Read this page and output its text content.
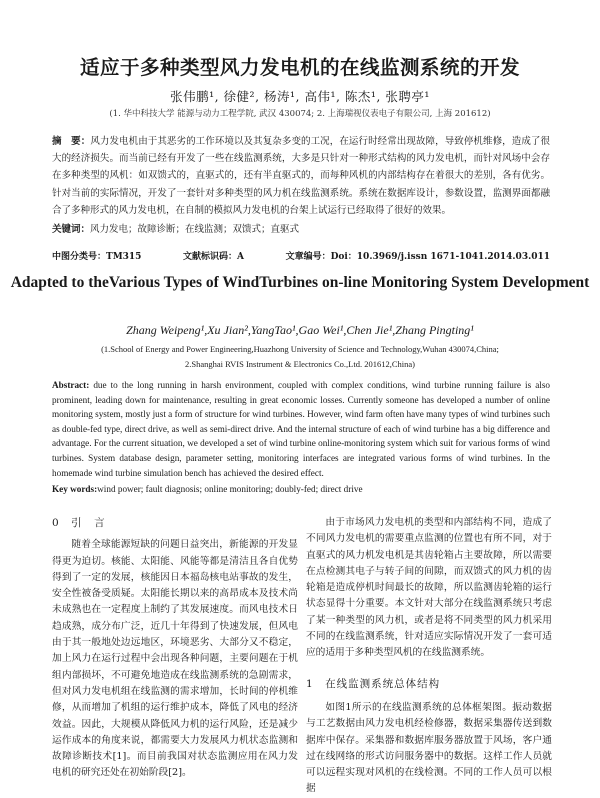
适应于多种类型风力发电机的在线监测系统的开发
张伟鹏¹, 徐健², 杨涛¹, 高伟¹, 陈杰¹, 张聘亭¹
(1. 华中科技大学 能源与动力工程学院, 武汉 430074; 2. 上海瑞视仪表电子有限公司, 上海 201612)
摘　要：风力发电机由于其恶劣的工作环境以及其复杂多变的工况，在运行时经常出现故障，导致停机维修，造成了很大的经济损失。而当前已经有开发了一些在线监测系统，大多是只针对一种形式结构的风力发电机，而针对风场中会存在多种类型的风机：如双馈式的，直驱式的，还有半直驱式的，而每种风机的内部结构存在着很大的差别，各有优劣。针对当前的实际情况，开发了一套针对多种类型的风力机在线监测系统。系统在数据库设计，参数设置，监测界面都融合了多种形式的风力发电机，在自制的模拟风力发电机的台架上试运行已经取得了很好的效果。
关键词：风力发电；故障诊断；在线监测；双馈式；直驱式
中图分类号：TM315	文献标识码：A	文章编号：Doi：10.3969/j.issn 1671-1041.2014.03.011
Adapted to theVarious Types of WindTurbines on-line Monitoring System Development
Zhang Weipeng¹,Xu Jian²,YangTao¹,Gao Wei¹,Chen Jie¹,Zhang Pingting¹
(1.School of Energy and Power Engineering,Huazhong University of Science and Technology,Wuhan 430074,China;
2.Shanghai RVIS Instrument & Electronics Co.,Ltd. 201612,China)
Abstract: due to the long running in harsh environment, coupled with complex conditions, wind turbine running failure is also prominent, leading down for maintenance, resulting in great economic losses. Currently someone has developed a number of online monitoring system, mostly just a form of structure for wind turbines. However, wind farm often have many types of wind turbines such as double-fed type, direct drive, as well as semi-direct drive. And the internal structure of each of wind turbine has a big difference and advantage. For the current situation, we developed a set of wind turbine online-monitoring system which suit for various forms of wind turbines. System database design, parameter setting, monitoring interfaces are integrated various forms of wind turbines. In the homemade wind turbine simulation bench has achieved the desired effect.
Key words:wind power; fault diagnosis; online monitoring; doubly-fed; direct drive
0　引　言

随着全球能源短缺的问题日益突出，新能源的开发显得更为迫切。核能、太阳能、风能等都是清洁且各自优势得到了一定的发展，核能因日本福岛核电站事故的发生，安全性被备受质疑。太阳能长期以来的高昂成本及技术尚未成熟也在一定程度上制约了其发展速度。而风电技术日趋成熟，成分布广泛，近几十年得到了快速发展，但风电由于其一般地处边远地区，环境恶劣、大部分又不稳定，加上风力在运行过程中会出现各种问题，主要问题在于机组内部损坏，不可避免地造成在线监测系统的急剧需求，但对风力发电机组在线监测的需求增加，长时间的停机维修，从而增加了机组的运行维护成本，降低了风电的经济效益。因此，大规模从降低风力机的运行风险，还是减少运作成本的角度来说，都需要大力发展风力机状态监测和故障诊断技术[1]。而目前我国对状态监测应用在风力发电机的研究还处在初始阶段[2]。

由于市场风力发电机的类型和内部结构不同，造成了不同风力发电机的需要重点监测的位置也有所不同，对于直驱式的风力机发电机是其齿轮箱占主要故障，所以需要在点检测其电子与转子间的间隙，而双馈式的风力机的齿轮箱是造成停机时间最长的故障，所以监测齿轮箱的运行状态显得十分重要。本文针对大部分在线监测系统只考虑了某一种类型的风力机，或者是将不同类型的风力机采用不同的在线监测系统，针对适应实际情况开发了一套可适应的适用于多种类型风机的在线监测系统。

1　在线监测系统总体结构

如图1所示的在线监测系统的总体框架图。振动数据与工艺数据由风力发电机经检修器，数据采集器传送到数据库中保存。采集器和数据库服务器放置于风场，客户通过在线网络的形式访问服务器中的数据。这样工作人员就可以远程实现对风机的在线检测。不同的工作人员可以根据
